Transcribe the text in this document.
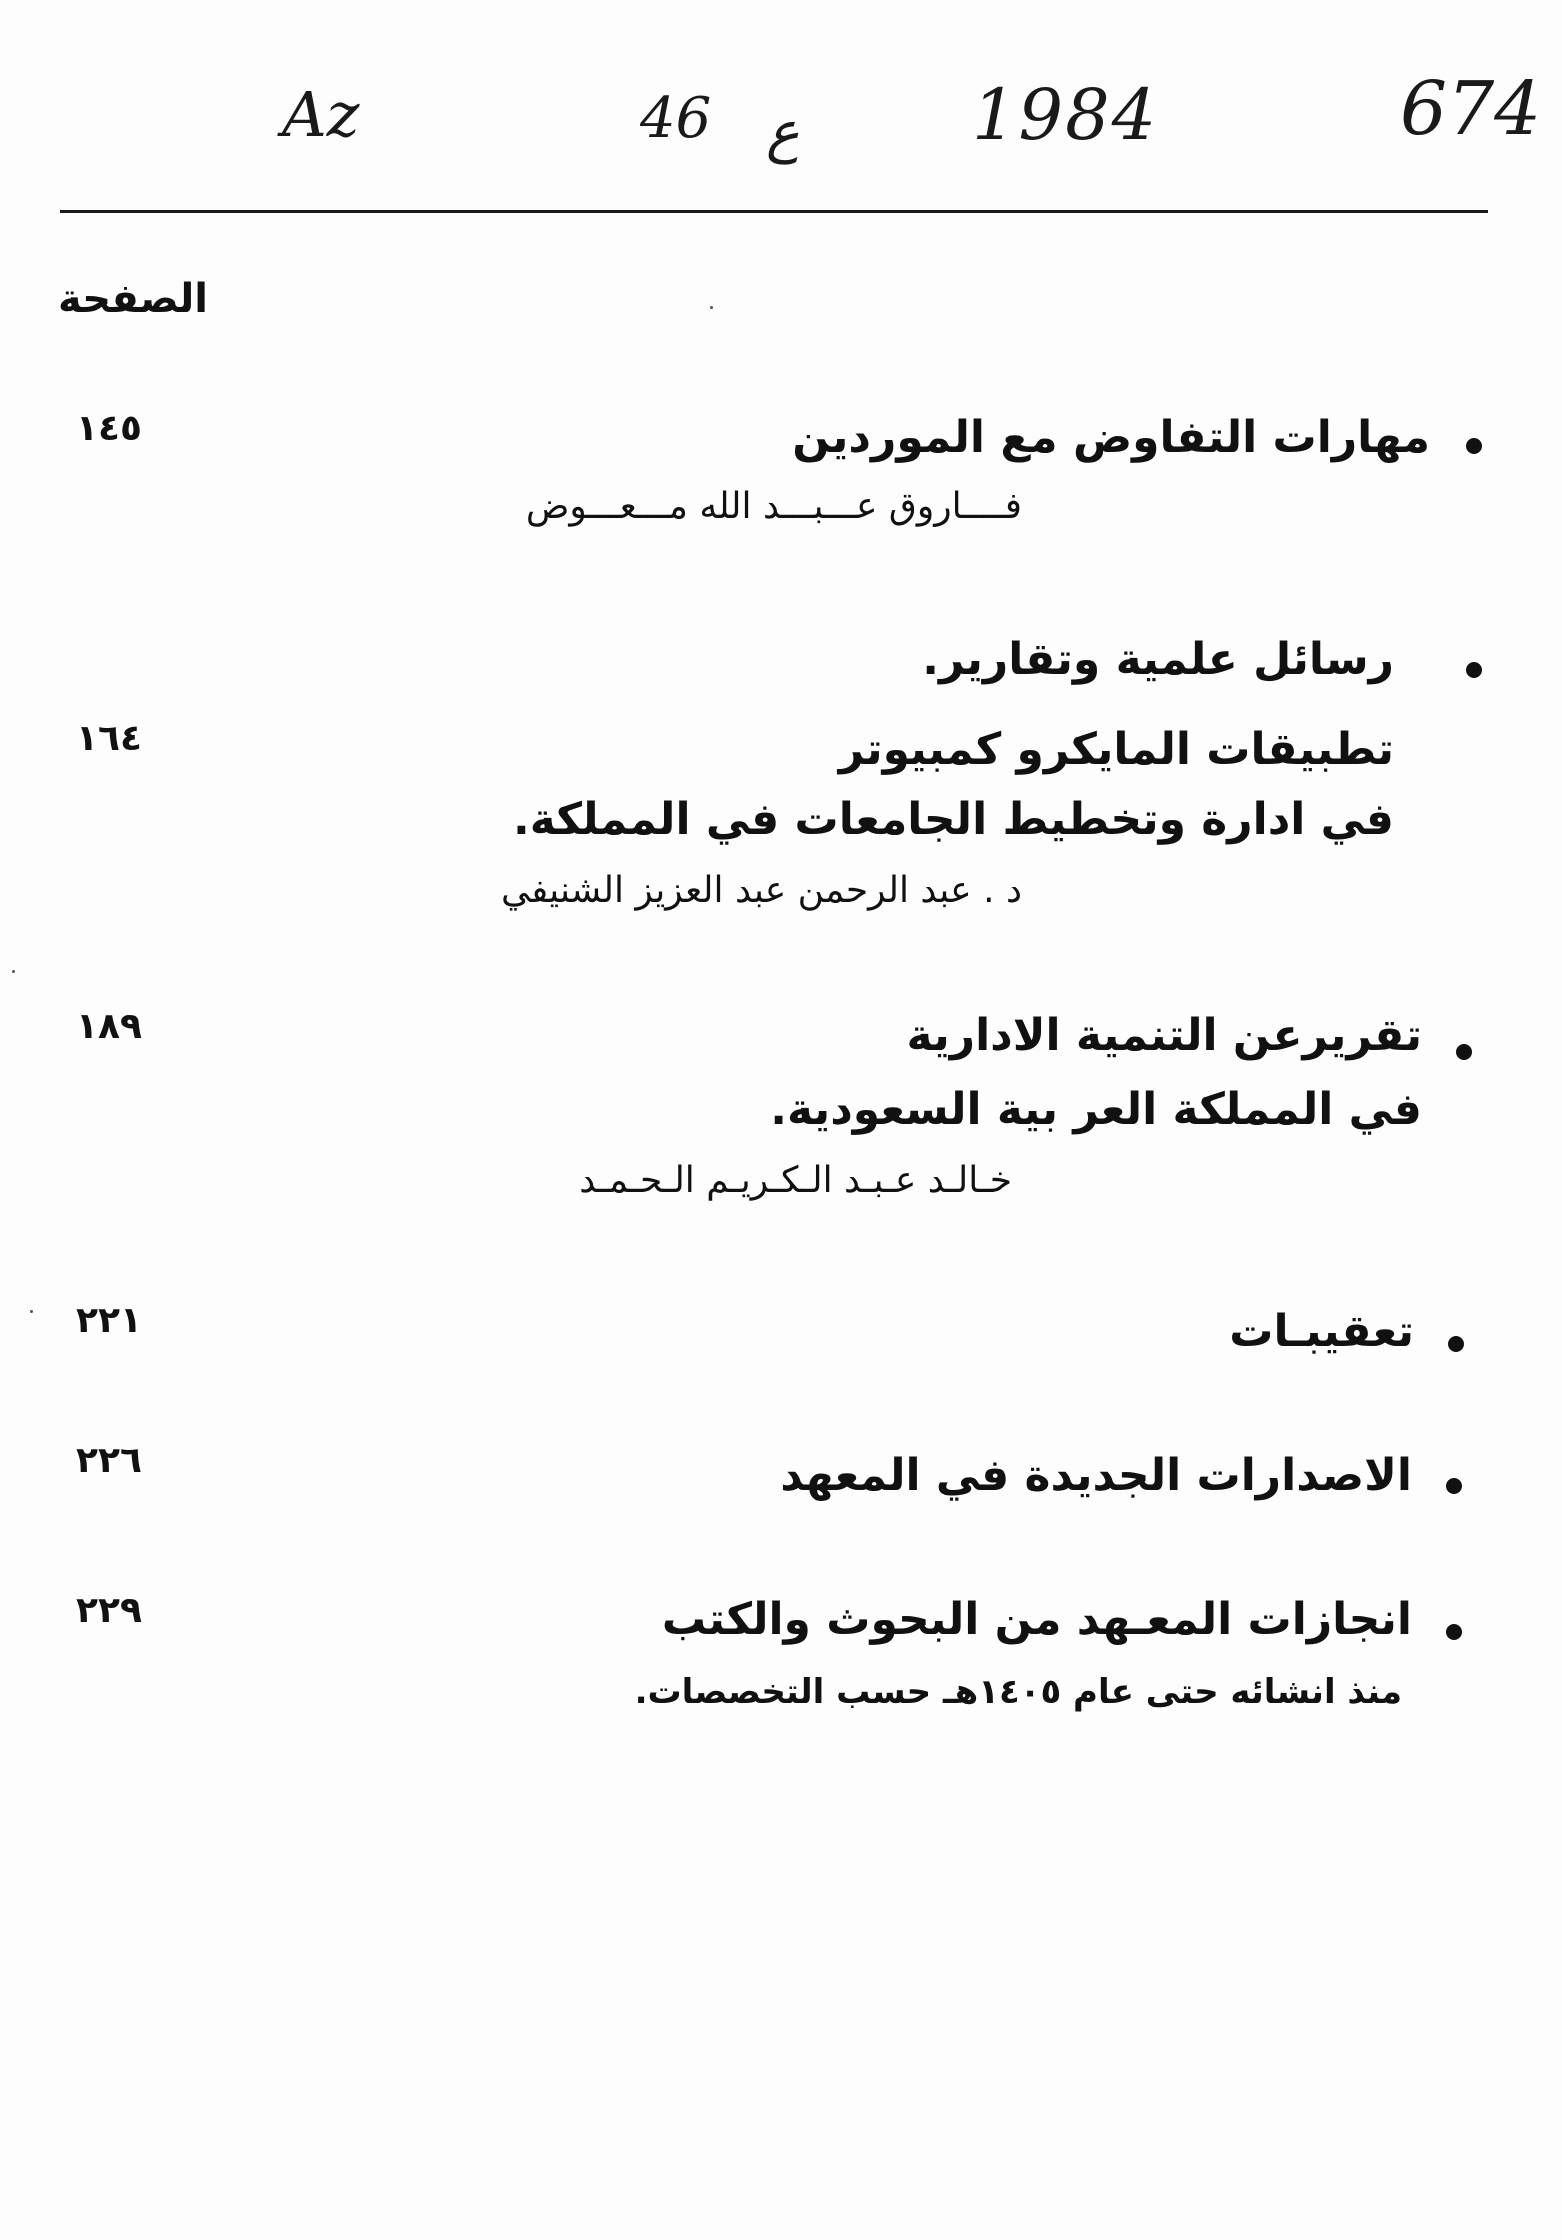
Az	46 ع 1984	674
الصفحة
١٤٥	مهارات التفاوض مع الموردين
فــــاروق عـــبـــد الله مـــعـــوض
رسائل علمية وتقارير.
١٦٤	تطبيقات المايكرو كمبيوتر
في ادارة وتخطيط الجامعات في المملكة.
د . عبد الرحمن عبد العزيز الشنيفي
١٨٩	تقريرعن التنمية الادارية
في المملكة العر بية السعودية.
خـالـد عـبـد الـكـريـم الـحـمـد
٢٢١	تعقيبـات
٢٢٦	الاصدارات الجديدة في المعهد
٢٢٩	انجازات المعـهد من البحوث والكتب
منذ انشائه حتى عام ١٤٠٥هـ حسب التخصصات.
